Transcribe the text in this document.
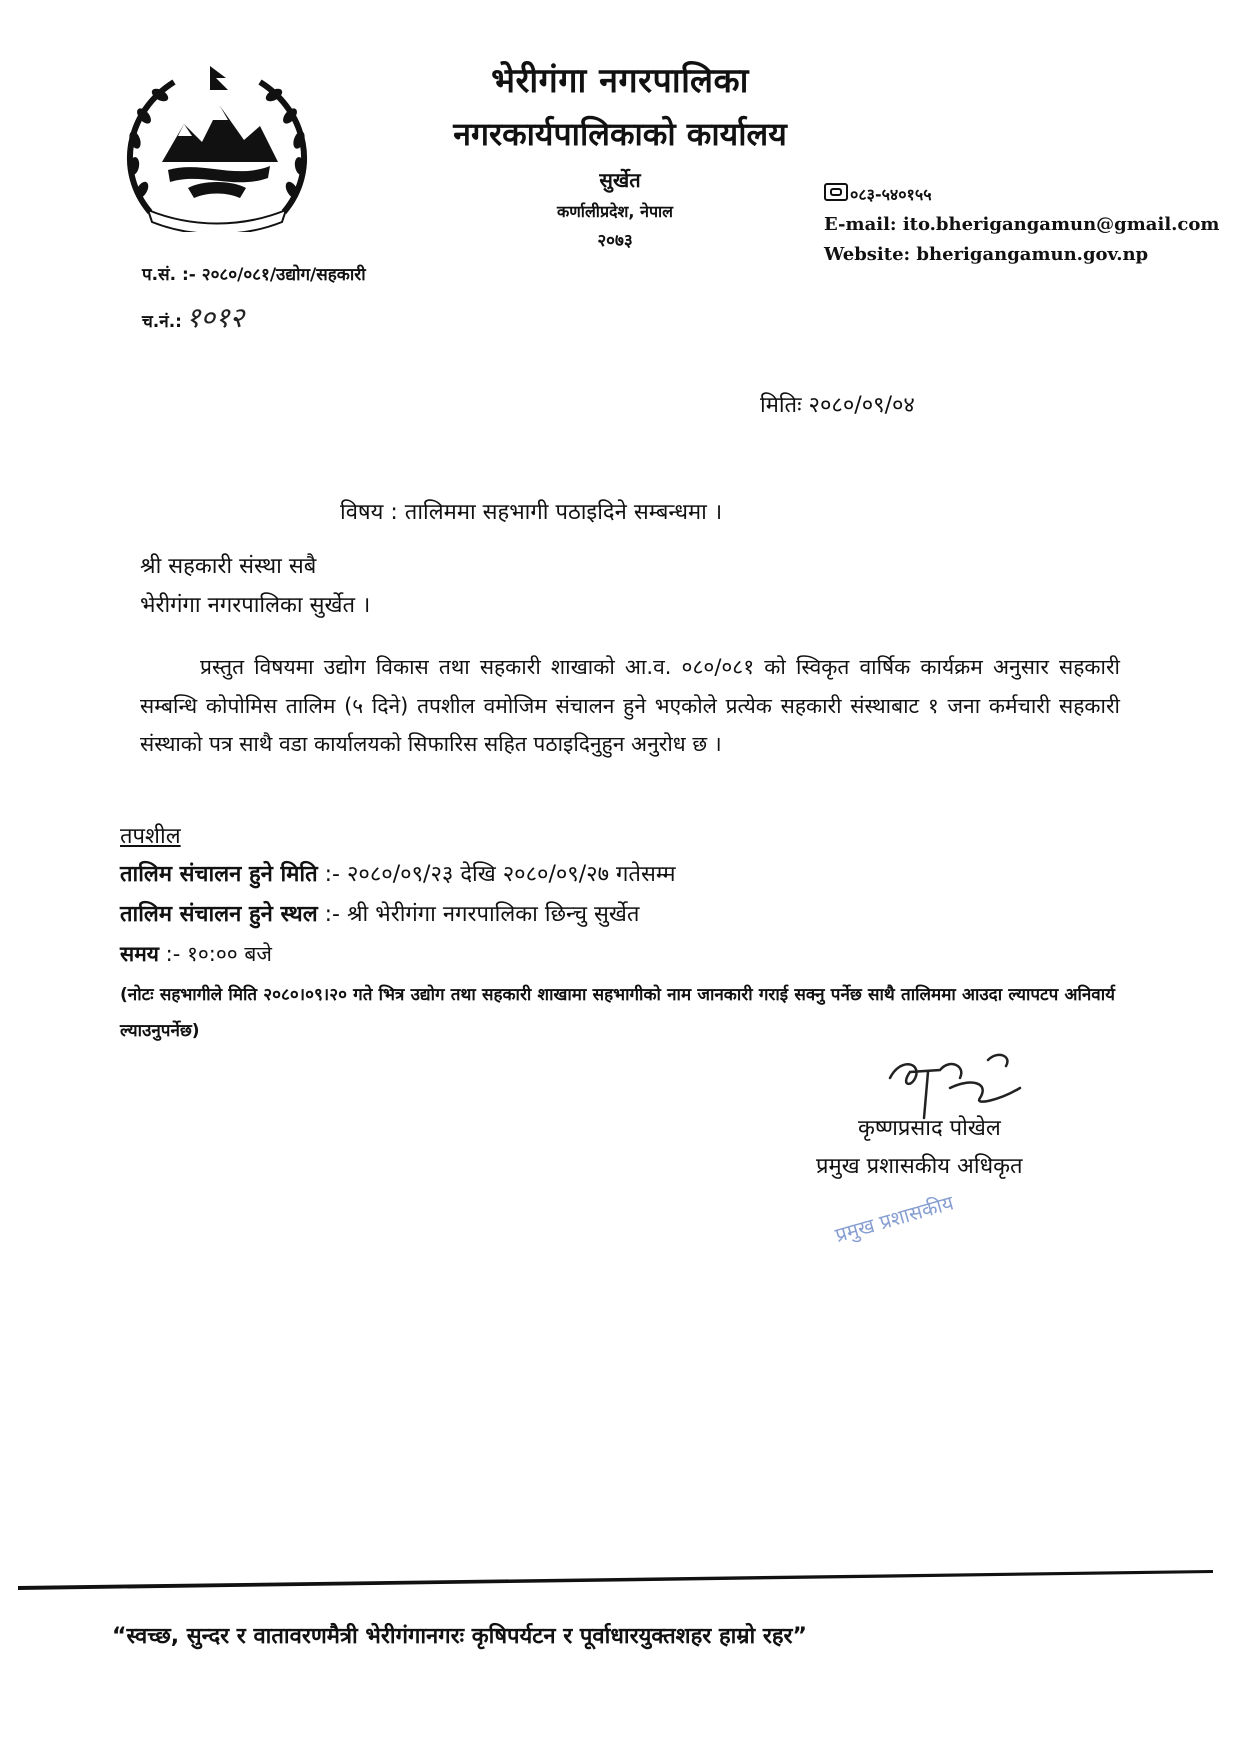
भेरीगंगा नगरपालिका
नगरकार्यपालिकाको कार्यालय
सुर्खेत
कर्णालीप्रदेश, नेपाल
२०७३
०८३-५४०१५५
E-mail: ito.bherigangamun@gmail.com
Website: bherigangamun.gov.np
प.सं. :- २०८०/०८१/उद्योग/सहकारी
च.नं.: १०१२
मितिः २०८०/०९/०४
विषय : तालिममा सहभागी पठाइदिने सम्बन्धमा ।
श्री सहकारी संस्था सबै
भेरीगंगा नगरपालिका सुर्खेत ।
प्रस्तुत विषयमा उद्योग विकास तथा सहकारी शाखाको आ.व. ०८०/०८१ को स्विकृत वार्षिक कार्यक्रम अनुसार सहकारी सम्बन्धि कोपोमिस तालिम (५ दिने) तपशील वमोजिम संचालन हुने भएकोले प्रत्येक सहकारी संस्थाबाट १ जना कर्मचारी सहकारी संस्थाको पत्र साथै वडा कार्यालयको सिफारिस सहित पठाइदिनुहुन अनुरोध छ ।
तपशील
तालिम संचालन हुने मिति :- २०८०/०९/२३ देखि २०८०/०९/२७ गतेसम्म
तालिम संचालन हुने स्थल :- श्री भेरीगंगा नगरपालिका छिन्चु सुर्खेत
समय :- १०:०० बजे
(नोटः सहभागीले मिति २०८०।०९।२० गते भित्र उद्योग तथा सहकारी शाखामा सहभागीको नाम जानकारी गराई सक्नु पर्नेछ साथै तालिममा आउदा ल्यापटप अनिवार्य ल्याउनुपर्नेछ)
कृष्णप्रसाद पोखेल
प्रमुख प्रशासकीय अधिकृत
प्रमुख प्रशासकीय
“स्वच्छ, सुन्दर र वातावरणमैत्री भेरीगंगानगरः कृषिपर्यटन र पूर्वाधारयुक्तशहर हाम्रो रहर”
